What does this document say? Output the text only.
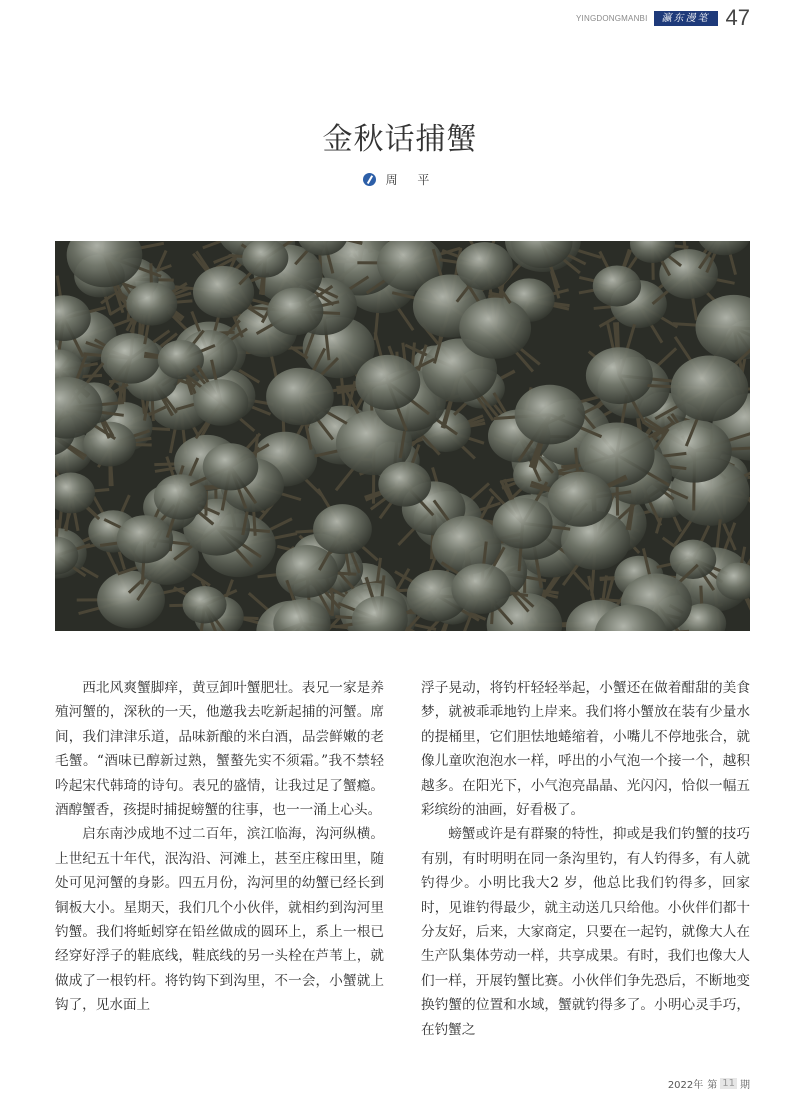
YINGDONGMANBI	瀛东漫笔 47
金秋话捕蟹
周 平

西北风爽蟹脚痒，黄豆卸叶蟹肥壮。表兄一家是养殖河蟹的，深秋的一天，他邀我去吃新起捕的河蟹。席间，我们津津乐道，品味新酿的米白酒，品尝鲜嫩的老毛蟹。“酒味已醇新过熟，蟹螯先实不须霜。”我不禁轻吟起宋代韩琦的诗句。表兄的盛情，让我过足了蟹瘾。酒醇蟹香，孩提时捕捉螃蟹的往事，也一一涌上心头。

启东南沙成地不过二百年，滨江临海，沟河纵横。上世纪五十年代，泯沟沿、河滩上，甚至庄稼田里，随处可见河蟹的身影。四五月份，沟河里的幼蟹已经长到铜板大小。星期天，我们几个小伙伴，就相约到沟河里钓蟹。我们将蚯蚓穿在铅丝做成的圆环上，系上一根已经穿好浮子的鞋底线，鞋底线的另一头栓在芦苇上，就做成了一根钓杆。将钓钩下到沟里，不一会，小蟹就上钩了，见水面上

浮子晃动，将钓杆轻轻举起，小蟹还在做着酣甜的美食梦，就被乖乖地钓上岸来。我们将小蟹放在装有少量水的提桶里，它们胆怯地蜷缩着，小嘴儿不停地张合，就像儿童吹泡泡水一样，呼出的小气泡一个接一个，越积越多。在阳光下，小气泡亮晶晶、光闪闪，恰似一幅五彩缤纷的油画，好看极了。

螃蟹或许是有群聚的特性，抑或是我们钓蟹的技巧有别，有时明明在同一条沟里钓，有人钓得多，有人就钓得少。小明比我大2 岁，他总比我们钓得多，回家时，见谁钓得最少，就主动送几只给他。小伙伴们都十分友好，后来，大家商定，只要在一起钓，就像大人在生产队集体劳动一样，共享成果。有时，我们也像大人们一样，开展钓蟹比赛。小伙伴们争先恐后，不断地变换钓蟹的位置和水域，蟹就钓得多了。小明心灵手巧，在钓蟹之

2022年 第 11 期
